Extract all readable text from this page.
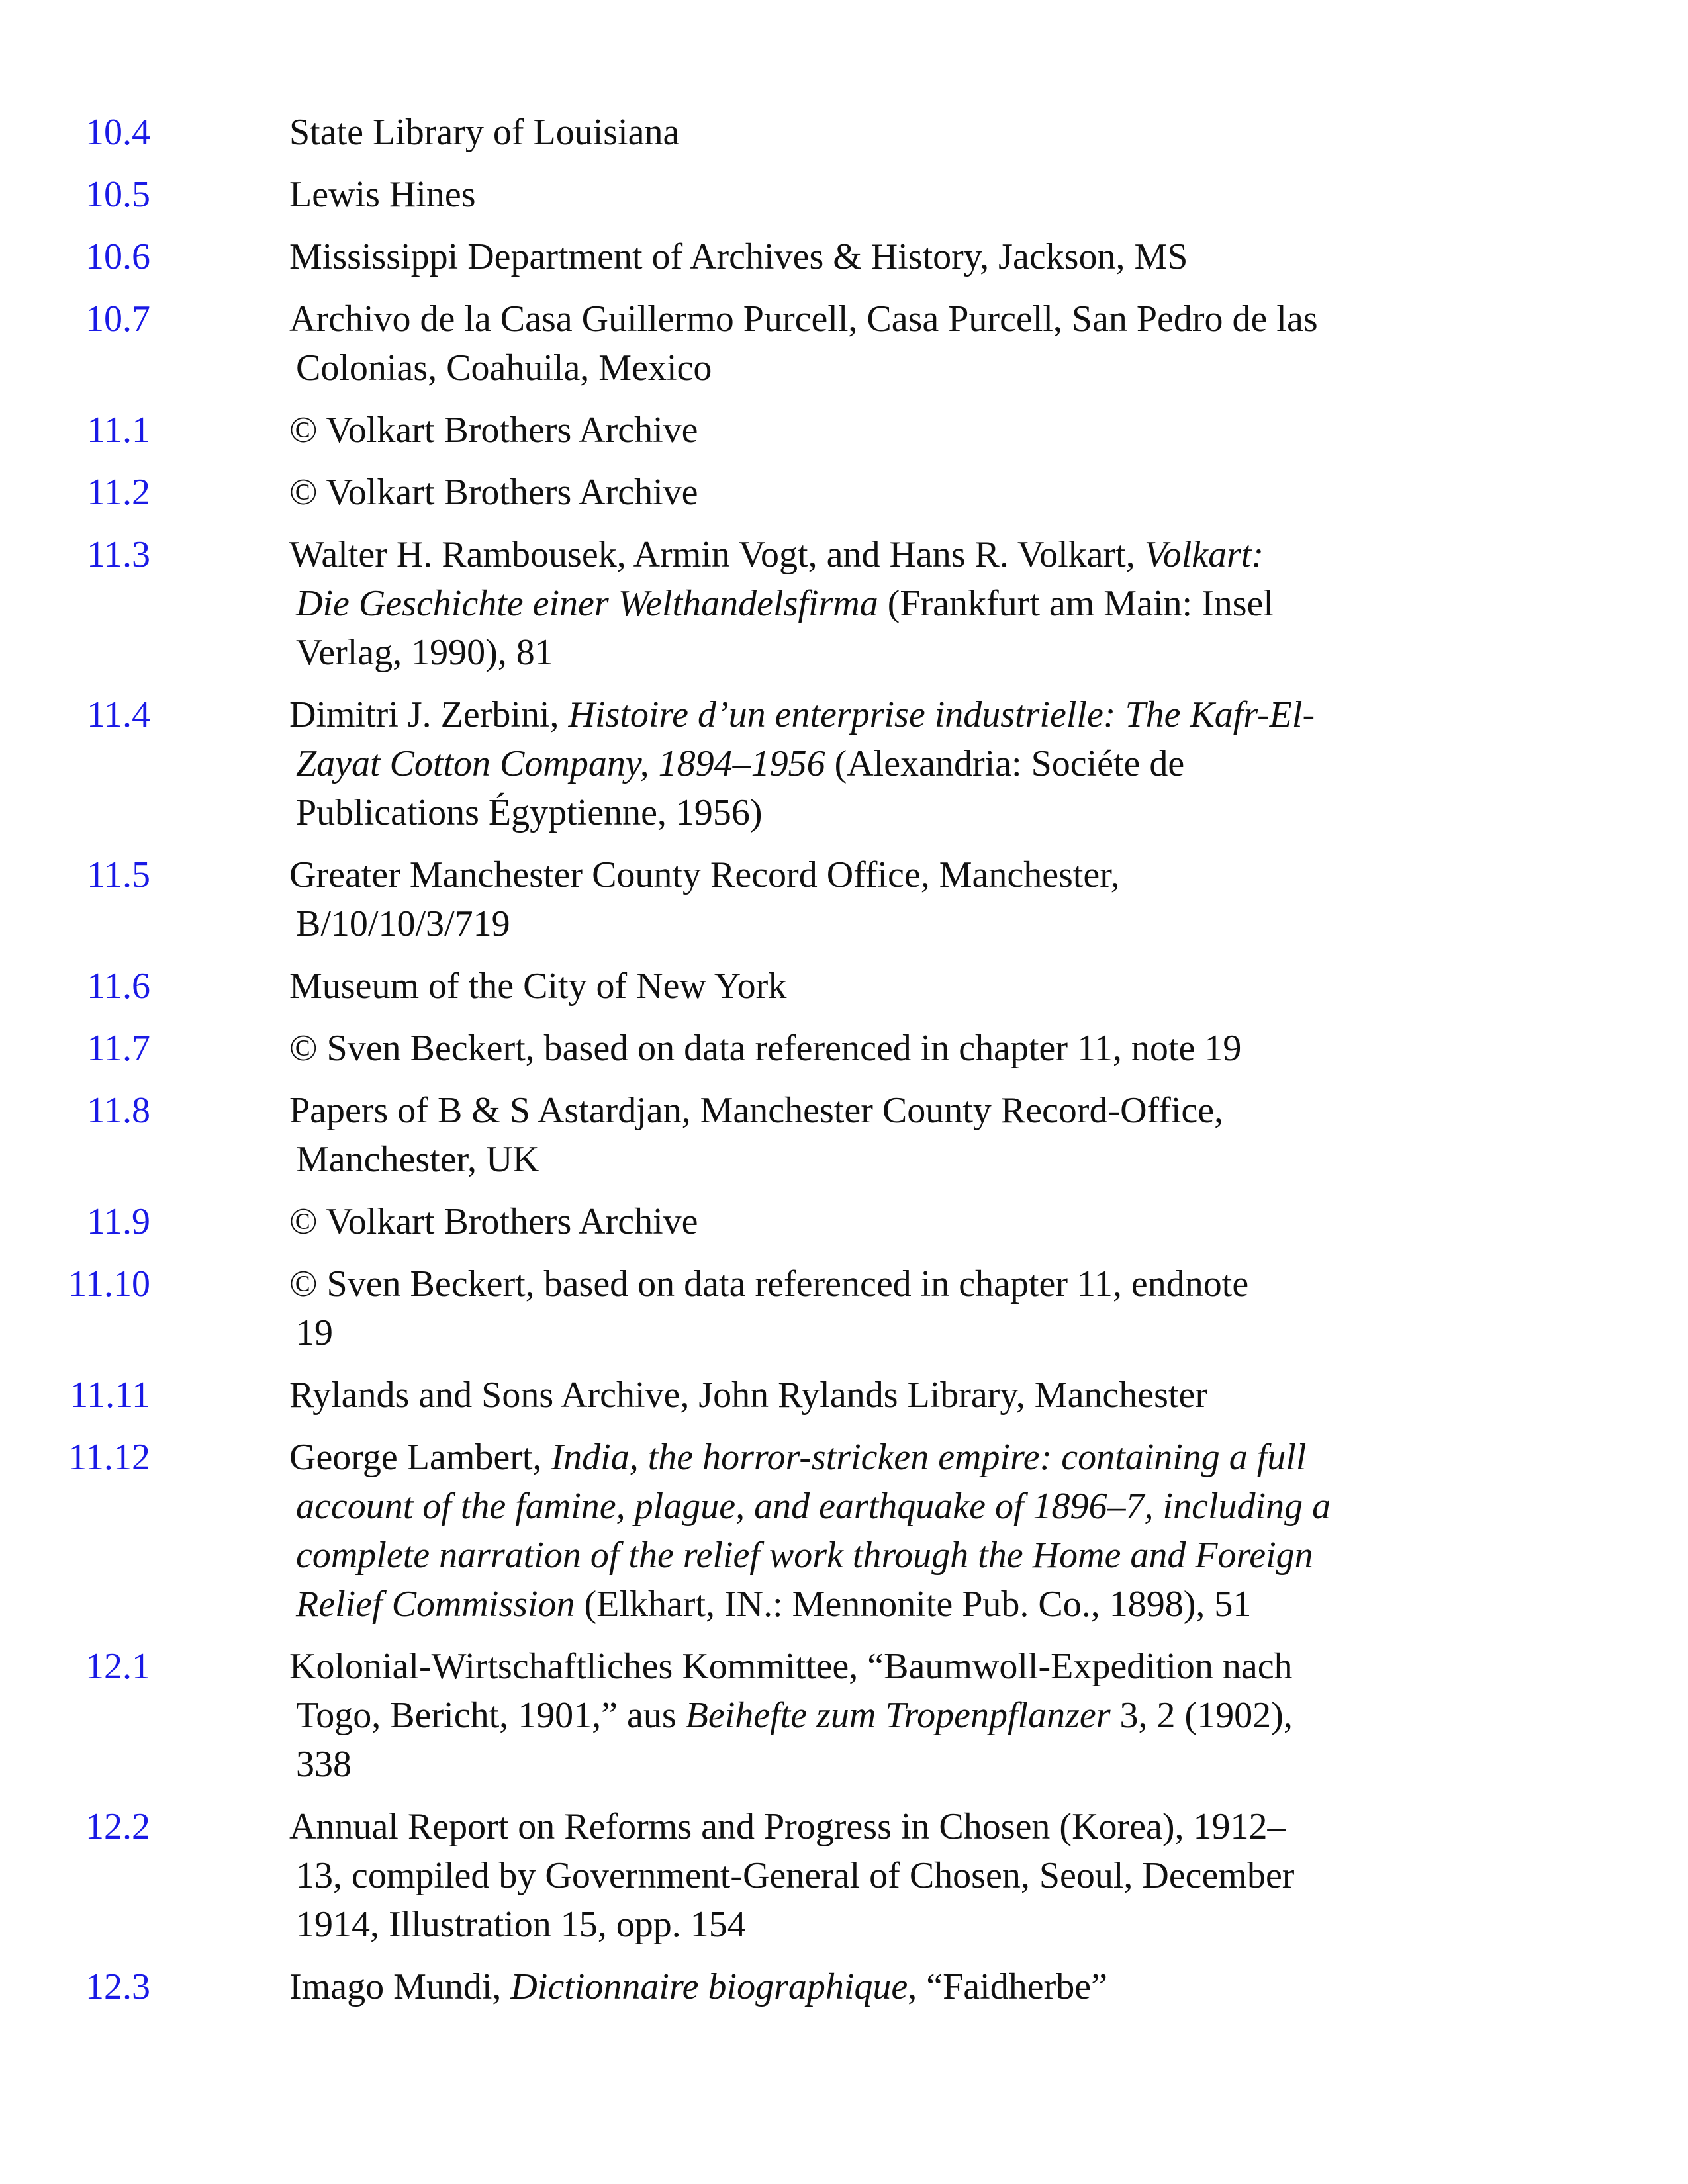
10.4	State Library of Louisiana
10.5	Lewis Hines
10.6	Mississippi Department of Archives & History, Jackson, MS
10.7	Archivo de la Casa Guillermo Purcell, Casa Purcell, San Pedro de las
Colonias, Coahuila, Mexico
11.1	© Volkart Brothers Archive
11.2	© Volkart Brothers Archive
11.3	Walter H. Rambousek, Armin Vogt, and Hans R. Volkart, Volkart:
Die Geschichte einer Welthandelsfirma (Frankfurt am Main: Insel
Verlag, 1990), 81
11.4	Dimitri J. Zerbini, Histoire d’un enterprise industrielle: The Kafr-El-
Zayat Cotton Company, 1894–1956 (Alexandria: Sociéte de
Publications Égyptienne, 1956)
11.5	Greater Manchester County Record Office, Manchester,
B/10/10/3/719
11.6	Museum of the City of New York
11.7	© Sven Beckert, based on data referenced in chapter 11, note 19
11.8	Papers of B & S Astardjan, Manchester County Record-Office,
Manchester, UK
11.9	© Volkart Brothers Archive
11.10	© Sven Beckert, based on data referenced in chapter 11, endnote
19
11.11	Rylands and Sons Archive, John Rylands Library, Manchester
11.12	George Lambert, India, the horror-stricken empire: containing a full
account of the famine, plague, and earthquake of 1896–7, including a
complete narration of the relief work through the Home and Foreign
Relief Commission (Elkhart, IN.: Mennonite Pub. Co., 1898), 51
12.1	Kolonial-Wirtschaftliches Kommittee, “Baumwoll-Expedition nach
Togo, Bericht, 1901,” aus Beihefte zum Tropenpflanzer 3, 2 (1902),
338
12.2	Annual Report on Reforms and Progress in Chosen (Korea), 1912–
13, compiled by Government-General of Chosen, Seoul, December
1914, Illustration 15, opp. 154
12.3	Imago Mundi, Dictionnaire biographique, “Faidherbe”
